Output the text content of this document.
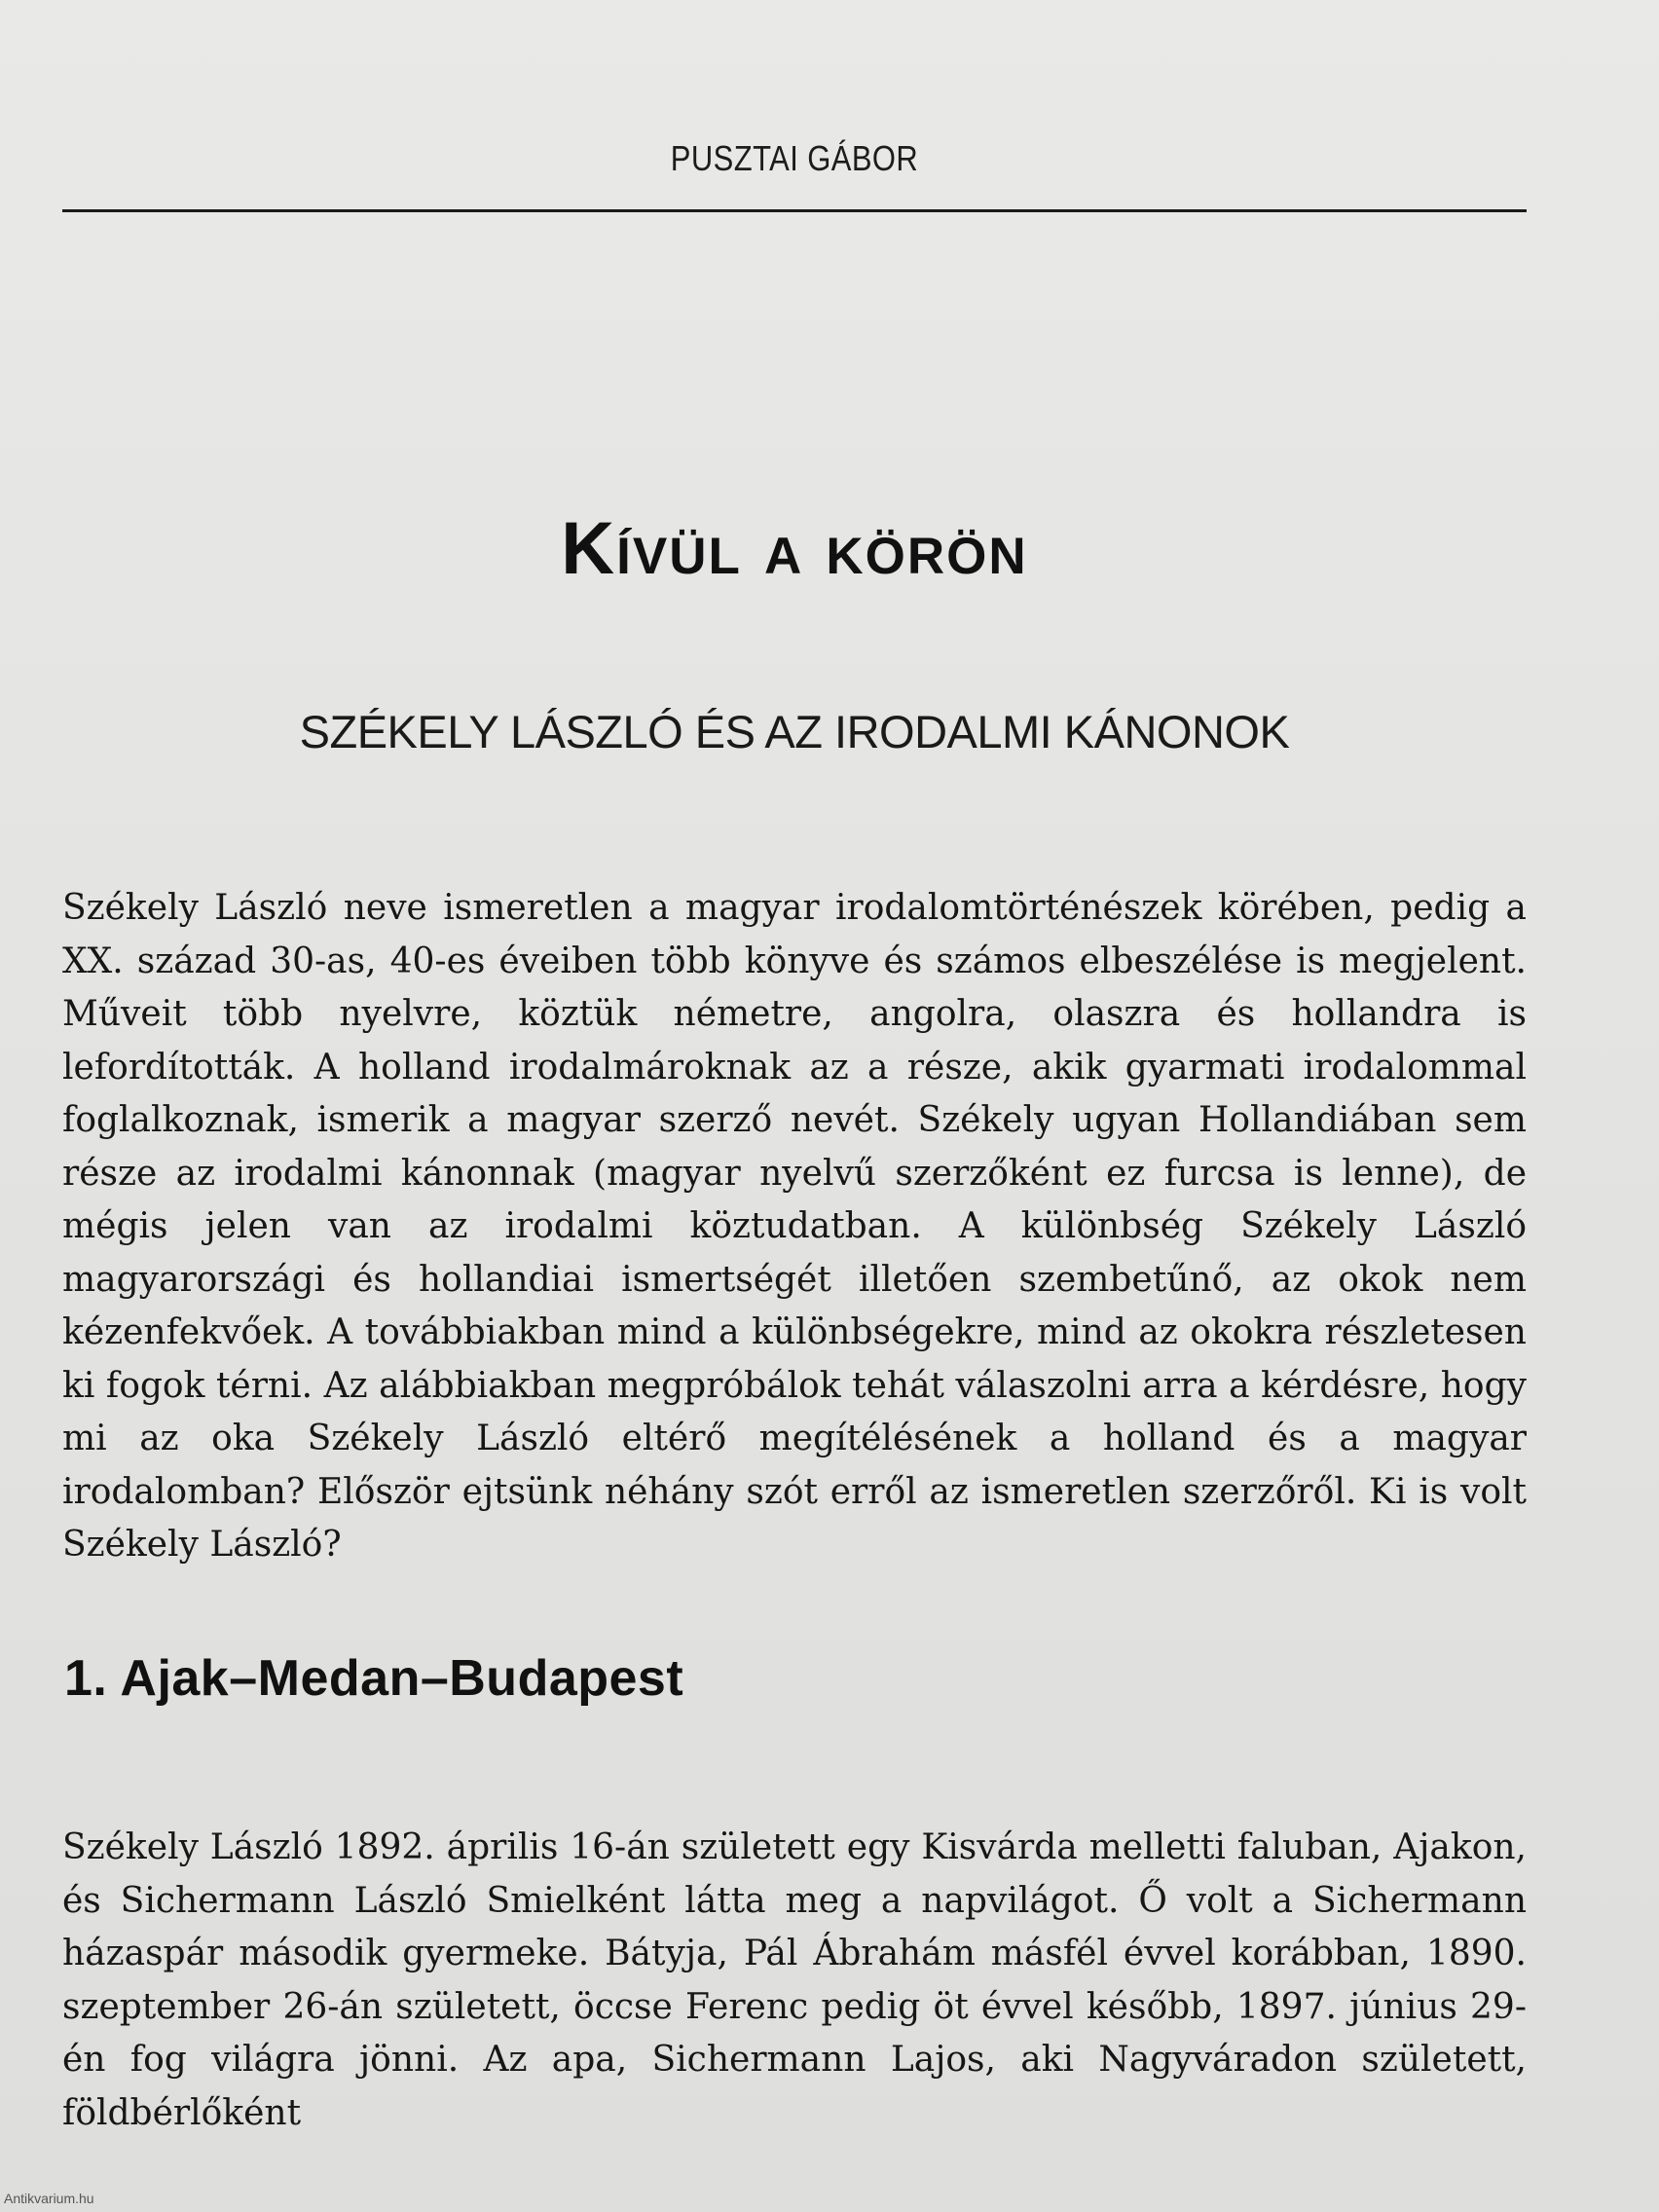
PUSZTAI GÁBOR
Kívül a körön
SZÉKELY LÁSZLÓ ÉS AZ IRODALMI KÁNONOK

Székely László neve ismeretlen a magyar irodalomtörténészek körében, pedig a XX. század 30-as, 40-es éveiben több könyve és számos elbeszélése is megjelent. Műveit több nyelvre, köztük németre, angolra, olaszra és hollandra is lefordították. A holland irodalmároknak az a része, akik gyarmati irodalommal foglalkoznak, ismerik a magyar szerző nevét. Székely ugyan Hollandiában sem része az irodalmi kánonnak (magyar nyelvű szerzőként ez furcsa is lenne), de mégis jelen van az irodalmi köztudatban. A különbség Székely László magyarországi és hollandiai ismertségét illetően szembetűnő, az okok nem kézenfekvőek. A továbbiakban mind a különbségekre, mind az okokra részletesen ki fogok térni. Az alábbiakban megpróbálok tehát válaszolni arra a kérdésre, hogy mi az oka Székely László eltérő megítélésének a holland és a magyar irodalomban? Először ejtsünk néhány szót erről az ismeretlen szerzőről. Ki is volt Székely László?

1. Ajak–Medan–Budapest

Székely László 1892. április 16-án született egy Kisvárda melletti faluban, Ajakon, és Sichermann László Smielként látta meg a napvilágot. Ő volt a Sichermann házaspár második gyermeke. Bátyja, Pál Ábrahám másfél évvel korábban, 1890. szeptember 26-án született, öccse Ferenc pedig öt évvel később, 1897. június 29-én fog világra jönni. Az apa, Sichermann Lajos, aki Nagyváradon született, földbérlőként

Antikvarium.hu
